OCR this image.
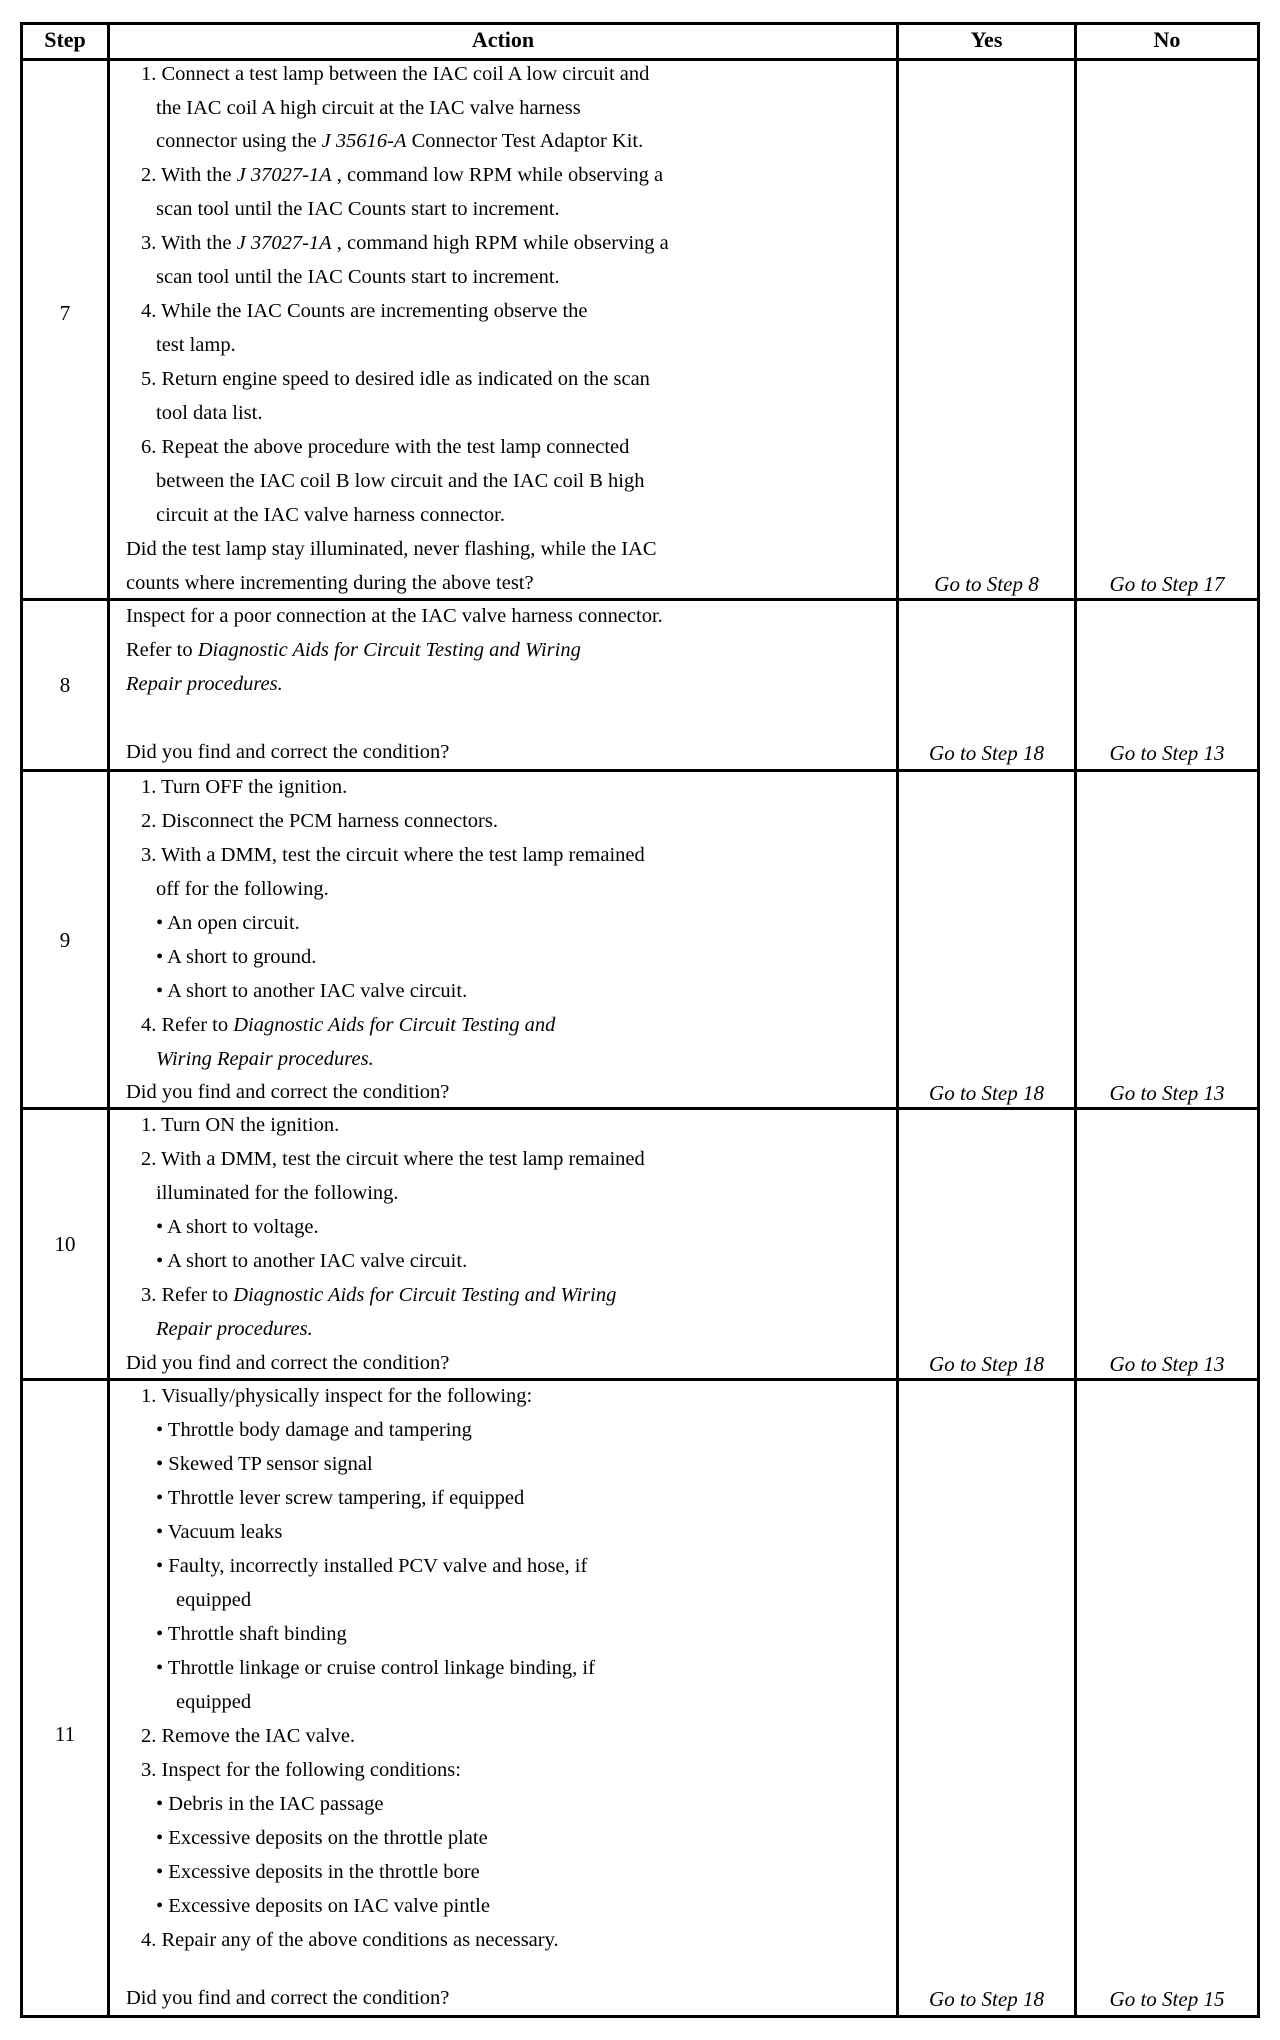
Step	Action	Yes	No
7
1. Connect a test lamp between the IAC coil A low circuit and
the IAC coil A high circuit at the IAC valve harness
connector using the J 35616-A Connector Test Adaptor Kit.
2. With the J 37027-1A , command low RPM while observing a
scan tool until the IAC Counts start to increment.
3. With the J 37027-1A , command high RPM while observing a
scan tool until the IAC Counts start to increment.
4. While the IAC Counts are incrementing observe the
test lamp.
5. Return engine speed to desired idle as indicated on the scan
tool data list.
6. Repeat the above procedure with the test lamp connected
between the IAC coil B low circuit and the IAC coil B high
circuit at the IAC valve harness connector.
Did the test lamp stay illuminated, never flashing, while the IAC
counts where incrementing during the above test?	Go to Step 8	Go to Step 17
8
Inspect for a poor connection at the IAC valve harness connector.
Refer to Diagnostic Aids for Circuit Testing and Wiring
Repair procedures.
Did you find and correct the condition?	Go to Step 18	Go to Step 13
9
1. Turn OFF the ignition.
2. Disconnect the PCM harness connectors.
3. With a DMM, test the circuit where the test lamp remained
off for the following.
• An open circuit.
• A short to ground.
• A short to another IAC valve circuit.
4. Refer to Diagnostic Aids for Circuit Testing and
Wiring Repair procedures.
Did you find and correct the condition?	Go to Step 18	Go to Step 13
10
1. Turn ON the ignition.
2. With a DMM, test the circuit where the test lamp remained
illuminated for the following.
• A short to voltage.
• A short to another IAC valve circuit.
3. Refer to Diagnostic Aids for Circuit Testing and Wiring
Repair procedures.
Did you find and correct the condition?	Go to Step 18	Go to Step 13
11
1. Visually/physically inspect for the following:
• Throttle body damage and tampering
• Skewed TP sensor signal
• Throttle lever screw tampering, if equipped
• Vacuum leaks
• Faulty, incorrectly installed PCV valve and hose, if
equipped
• Throttle shaft binding
• Throttle linkage or cruise control linkage binding, if
equipped
2. Remove the IAC valve.
3. Inspect for the following conditions:
• Debris in the IAC passage
• Excessive deposits on the throttle plate
• Excessive deposits in the throttle bore
• Excessive deposits on IAC valve pintle
4. Repair any of the above conditions as necessary.
Did you find and correct the condition?	Go to Step 18	Go to Step 15
